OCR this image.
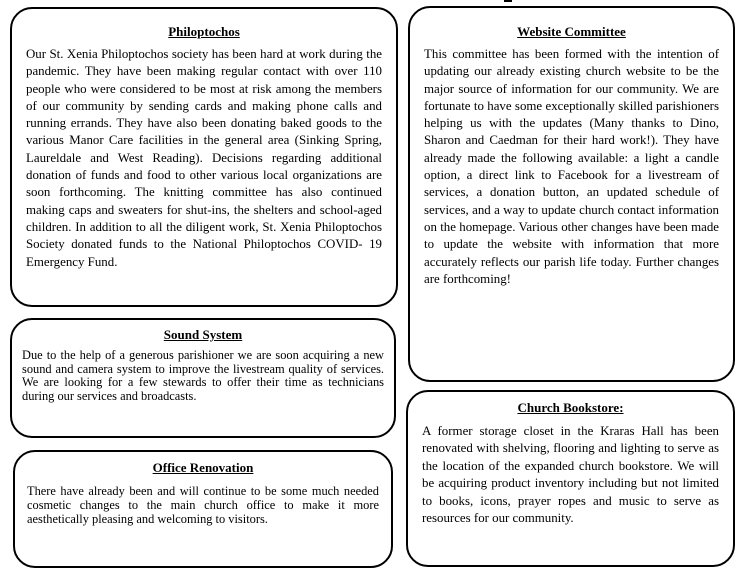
Philoptochos

Our St. Xenia Philoptochos society has been hard at work during the pandemic. They have been making regular contact with over 110 people who were considered to be most at risk among the members of our community by sending cards and making phone calls and running errands. They have also been donating baked goods to the various Manor Care facilities in the general area (Sinking Spring, Laureldale and West Reading). Decisions regarding additional donation of funds and food to other various local organizations are soon forthcoming. The knitting committee has also continued making caps and sweaters for shut-ins, the shelters and school-aged children. In addition to all the diligent work, St. Xenia Philoptochos Society donated funds to the National Philoptochos COVID- 19 Emergency Fund.

Website Committee

This committee has been formed with the intention of updating our already existing church website to be the major source of information for our community. We are fortunate to have some exceptionally skilled parishioners helping us with the updates (Many thanks to Dino, Sharon and Caedman for their hard work!). They have already made the following available: a light a candle option, a direct link to Facebook for a livestream of services, a donation button, an updated schedule of services, and a way to update church contact information on the homepage. Various other changes have been made to update the website with information that more accurately reflects our parish life today. Further changes are forthcoming!

Sound System

Due to the help of a generous parishioner we are soon acquiring a new sound and camera system to improve the livestream quality of services. We are looking for a few stewards to offer their time as technicians during our services and broadcasts.

Office Renovation

There have already been and will continue to be some much needed cosmetic changes to the main church office to make it more aesthetically pleasing and welcoming to visitors.

Church Bookstore:

A former storage closet in the Kraras Hall has been renovated with shelving, flooring and lighting to serve as the location of the expanded church bookstore. We will be acquiring product inventory including but not limited to books, icons, prayer ropes and music to serve as resources for our community.
